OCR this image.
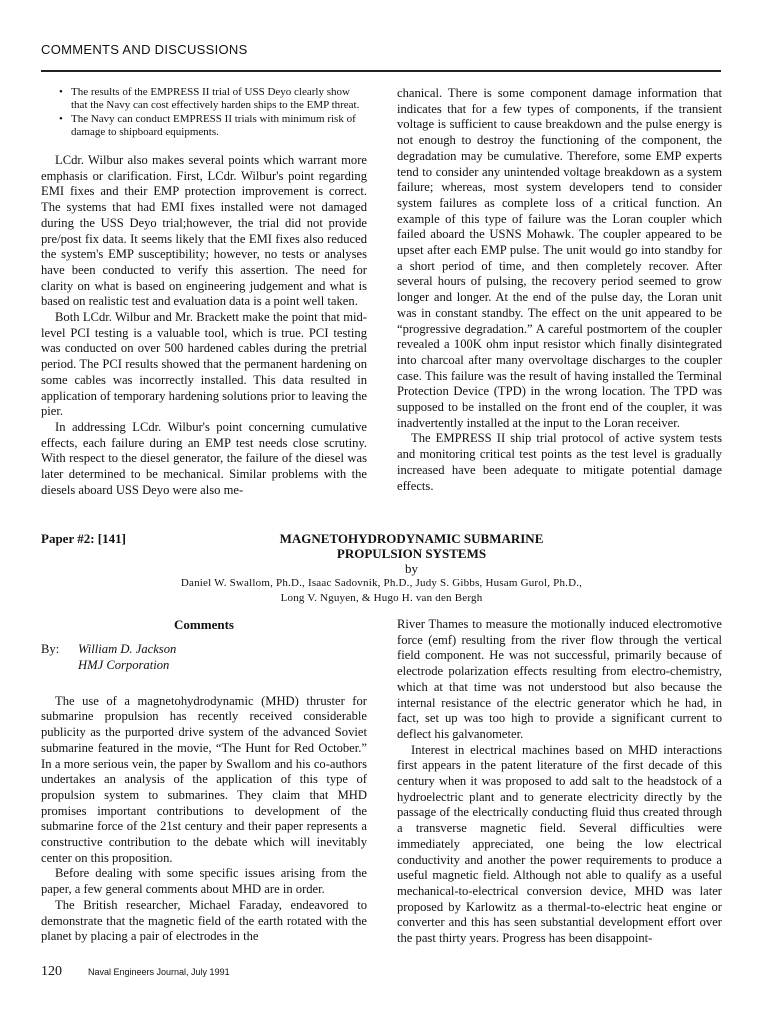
COMMENTS AND DISCUSSIONS
• The results of the EMPRESS II trial of USS Deyo clearly show that the Navy can cost effectively harden ships to the EMP threat.
• The Navy can conduct EMPRESS II trials with minimum risk of damage to shipboard equipments.

LCdr. Wilbur also makes several points which warrant more emphasis or clarification. First, LCdr. Wilbur's point regarding EMI fixes and their EMP protection improvement is correct. The systems that had EMI fixes installed were not damaged during the USS Deyo trial;however, the trial did not provide pre/post fix data. It seems likely that the EMI fixes also reduced the system's EMP susceptibility; however, no tests or analyses have been conducted to verify this assertion. The need for clarity on what is based on engineering judgement and what is based on realistic test and evaluation data is a point well taken.

Both LCdr. Wilbur and Mr. Brackett make the point that mid-level PCI testing is a valuable tool, which is true. PCI testing was conducted on over 500 hardened cables during the pretrial period. The PCI results showed that the permanent hardening on some cables was incorrectly installed. This data resulted in application of temporary hardening solutions prior to leaving the pier.

In addressing LCdr. Wilbur's point concerning cumulative effects, each failure during an EMP test needs close scrutiny. With respect to the diesel generator, the failure of the diesel was later determined to be mechanical. Similar problems with the diesels aboard USS Deyo were also me-

chanical. There is some component damage information that indicates that for a few types of components, if the transient voltage is sufficient to cause breakdown and the pulse energy is not enough to destroy the functioning of the component, the degradation may be cumulative. Therefore, some EMP experts tend to consider any unintended voltage breakdown as a system failure; whereas, most system developers tend to consider system failures as complete loss of a critical function. An example of this type of failure was the Loran coupler which failed aboard the USNS Mohawk. The coupler appeared to be upset after each EMP pulse. The unit would go into standby for a short period of time, and then completely recover. After several hours of pulsing, the recovery period seemed to grow longer and longer. At the end of the pulse day, the Loran unit was in constant standby. The effect on the unit appeared to be “progressive degradation.” A careful postmortem of the coupler revealed a 100K ohm input resistor which finally disintegrated into charcoal after many overvoltage discharges to the coupler case. This failure was the result of having installed the Terminal Protection Device (TPD) in the wrong location. The TPD was supposed to be installed on the front end of the coupler, it was inadvertently installed at the input to the Loran receiver.

The EMPRESS II ship trial protocol of active system tests and monitoring critical test points as the test level is gradually increased have been adequate to mitigate potential damage effects.

Paper #2: [141]	MAGNETOHYDRODYNAMIC SUBMARINE
PROPULSION SYSTEMS
by
Daniel W. Swallom, Ph.D., Isaac Sadovnik, Ph.D., Judy S. Gibbs, Husam Gurol, Ph.D.,
Long V. Nguyen, & Hugo H. van den Bergh
Comments
By: William D. Jackson
HMJ Corporation

The use of a magnetohydrodynamic (MHD) thruster for submarine propulsion has recently received considerable publicity as the purported drive system of the advanced Soviet submarine featured in the movie, “The Hunt for Red October.” In a more serious vein, the paper by Swallom and his co-authors undertakes an analysis of the application of this type of propulsion system to submarines. They claim that MHD promises important contributions to development of the submarine force of the 21st century and their paper represents a constructive contribution to the debate which will inevitably center on this proposition.

Before dealing with some specific issues arising from the paper, a few general comments about MHD are in order.

The British researcher, Michael Faraday, endeavored to demonstrate that the magnetic field of the earth rotated with the planet by placing a pair of electrodes in the

River Thames to measure the motionally induced electromotive force (emf) resulting from the river flow through the vertical field component. He was not successful, primarily because of electrode polarization effects resulting from electro-chemistry, which at that time was not understood but also because the internal resistance of the electric generator which he had, in fact, set up was too high to provide a significant current to deflect his galvanometer.

Interest in electrical machines based on MHD interactions first appears in the patent literature of the first decade of this century when it was proposed to add salt to the headstock of a hydroelectric plant and to generate electricity directly by the passage of the electrically conducting fluid thus created through a transverse magnetic field. Several difficulties were immediately appreciated, one being the low electrical conductivity and another the power requirements to produce a useful magnetic field. Although not able to qualify as a useful mechanical-to-electrical conversion device, MHD was later proposed by Karlowitz as a thermal-to-electric heat engine or converter and this has seen substantial development effort over the past thirty years. Progress has been disappoint-

120	Naval Engineers Journal, July 1991
